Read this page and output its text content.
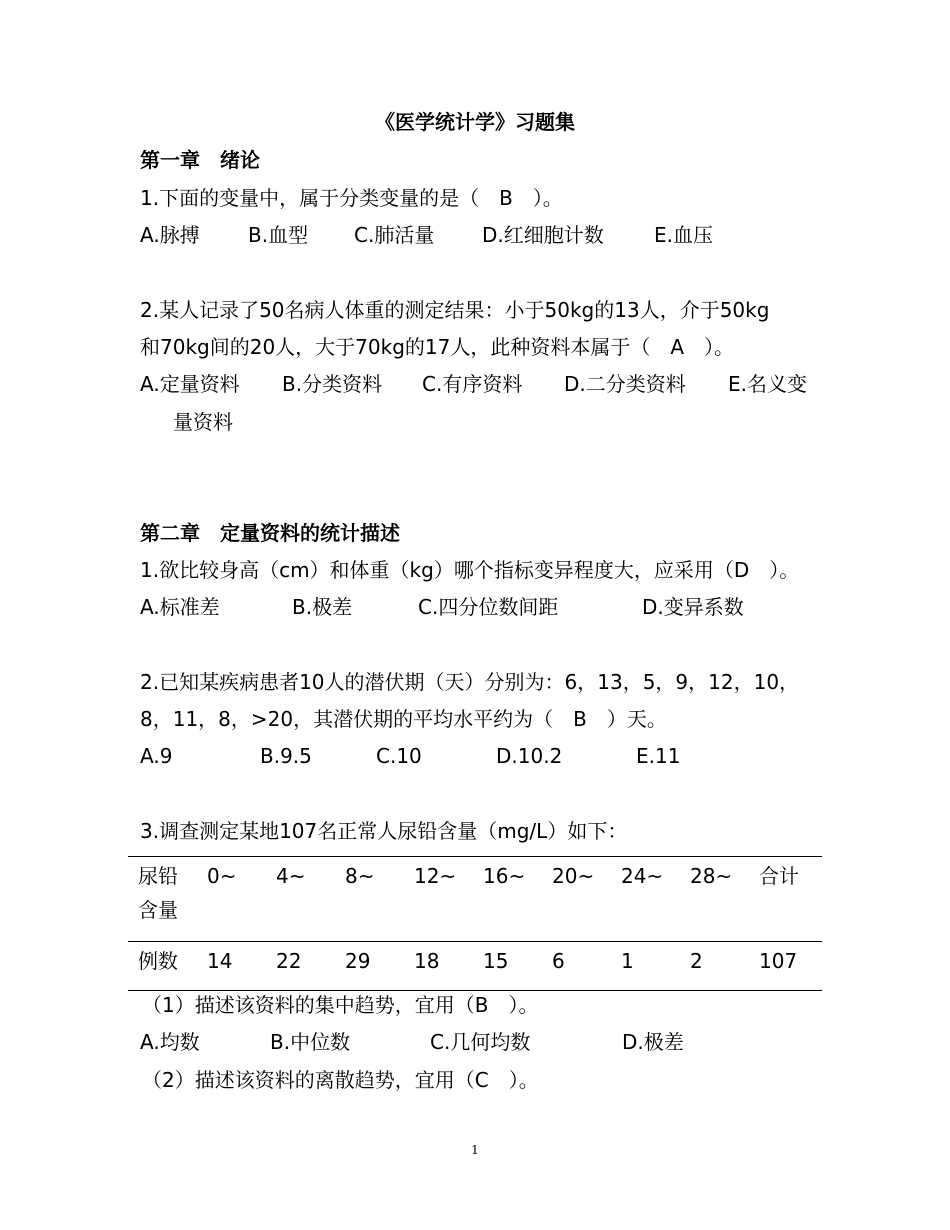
《医学统计学》习题集
第一章　绪论
1.下面的变量中，属于分类变量的是（　B　）。
A.脉搏 B.血型 C.肺活量 D.红细胞计数	E.血压
2.某人记录了50名病人体重的测定结果：小于50kg的13人，介于50kg
和70kg间的20人，大于70kg的17人，此种资料本属于（　A　）。
A.定量资料 B.分类资料 C.有序资料 D.二分类资料 E.名义变
量资料
第二章　定量资料的统计描述
1.欲比较身高（cm）和体重（kg）哪个指标变异程度大，应采用（D　）。
A.标准差	B.极差	C.四分位数间距	D.变异系数
2.已知某疾病患者10人的潜伏期（天）分别为：6，13，5，9，12，10，
8，11，8，>20，其潜伏期的平均水平约为（　B　）天。
A.9	B.9.5	C.10	D.10.2	E.11
3.调查测定某地107名正常人尿铅含量（mg/L）如下：
尿铅含量	0~	4~	8~	12~	16~	20~	24~	28~	合计
例数	14	22	29	18	15	6	1	2	107
（1）描述该资料的集中趋势，宜用（B　）。
A.均数	B.中位数	C.几何均数	D.极差
（2）描述该资料的离散趋势，宜用（C　）。
1
